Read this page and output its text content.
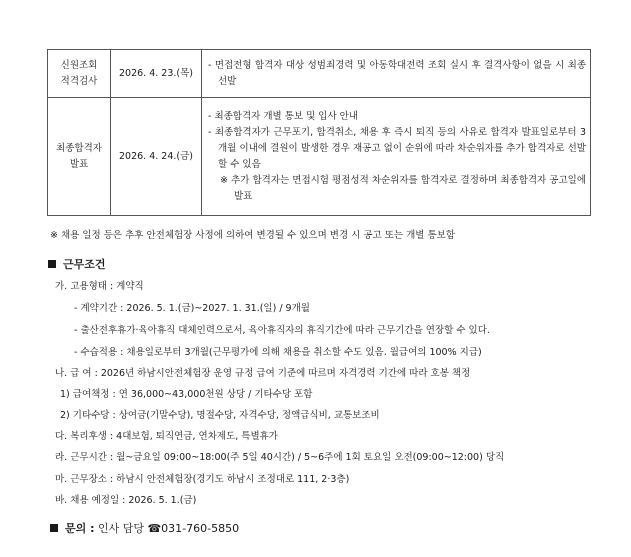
신원조회
적격검사	2026. 4. 23.(목)	- 면접전형 합격자 대상 성범죄경력 및 아동학대전력 조회 실시 후 결격사항이 없을 시 최종 선발

최종합격자
발표	2026. 4. 24.(금)	- 최종합격자 개별 통보 및 입사 안내
- 최종합격자가 근무포기, 합격취소, 채용 후 즉시 퇴직 등의 사유로 합격자 발표일로부터 3개월 이내에 결원이 발생한 경우 재공고 없이 순위에 따라 차순위자를 추가 합격자로 선발할 수 있음
※ 추가 합격자는 면접시험 평점성적 차순위자를 합격자로 결정하며 최종합격자 공고일에 발표
※ 채용 일정 등은 추후 안전체험장 사정에 의하여 변경될 수 있으며 변경 시 공고 또는 개별 통보함
근무조건
가. 고용형태 : 계약직
- 계약기간 : 2026. 5. 1.(금)~2027. 1. 31.(일) / 9개월
- 출산전후휴가·육아휴직 대체인력으로서, 육아휴직자의 휴직기간에 따라 근무기간을 연장할 수 있다.
- 수습적용 : 채용일로부터 3개월(근무평가에 의해 채용을 취소할 수도 있음. 월급여의 100% 지급)
나. 급 여 : 2026년 하남시안전체험장 운영 규정 급여 기준에 따르며 자격경력 기간에 따라 호봉 책정
1) 급여책정 : 연 36,000~43,000천원 상당 / 기타수당 포함
2) 기타수당 : 상여금(기말수당), 명절수당, 자격수당, 정액급식비, 교통보조비
다. 복리후생 : 4대보험, 퇴직연금, 연차제도, 특별휴가
라. 근무시간 : 월~금요일 09:00~18:00(주 5일 40시간) / 5~6주에 1회 토요일 오전(09:00~12:00) 당직
마. 근무장소 : 하남시 안전체험장(경기도 하남시 조정대로 111, 2·3층)
바. 채용 예정일 : 2026. 5. 1.(금)
문의 : 인사 담당 ☎031-760-5850
